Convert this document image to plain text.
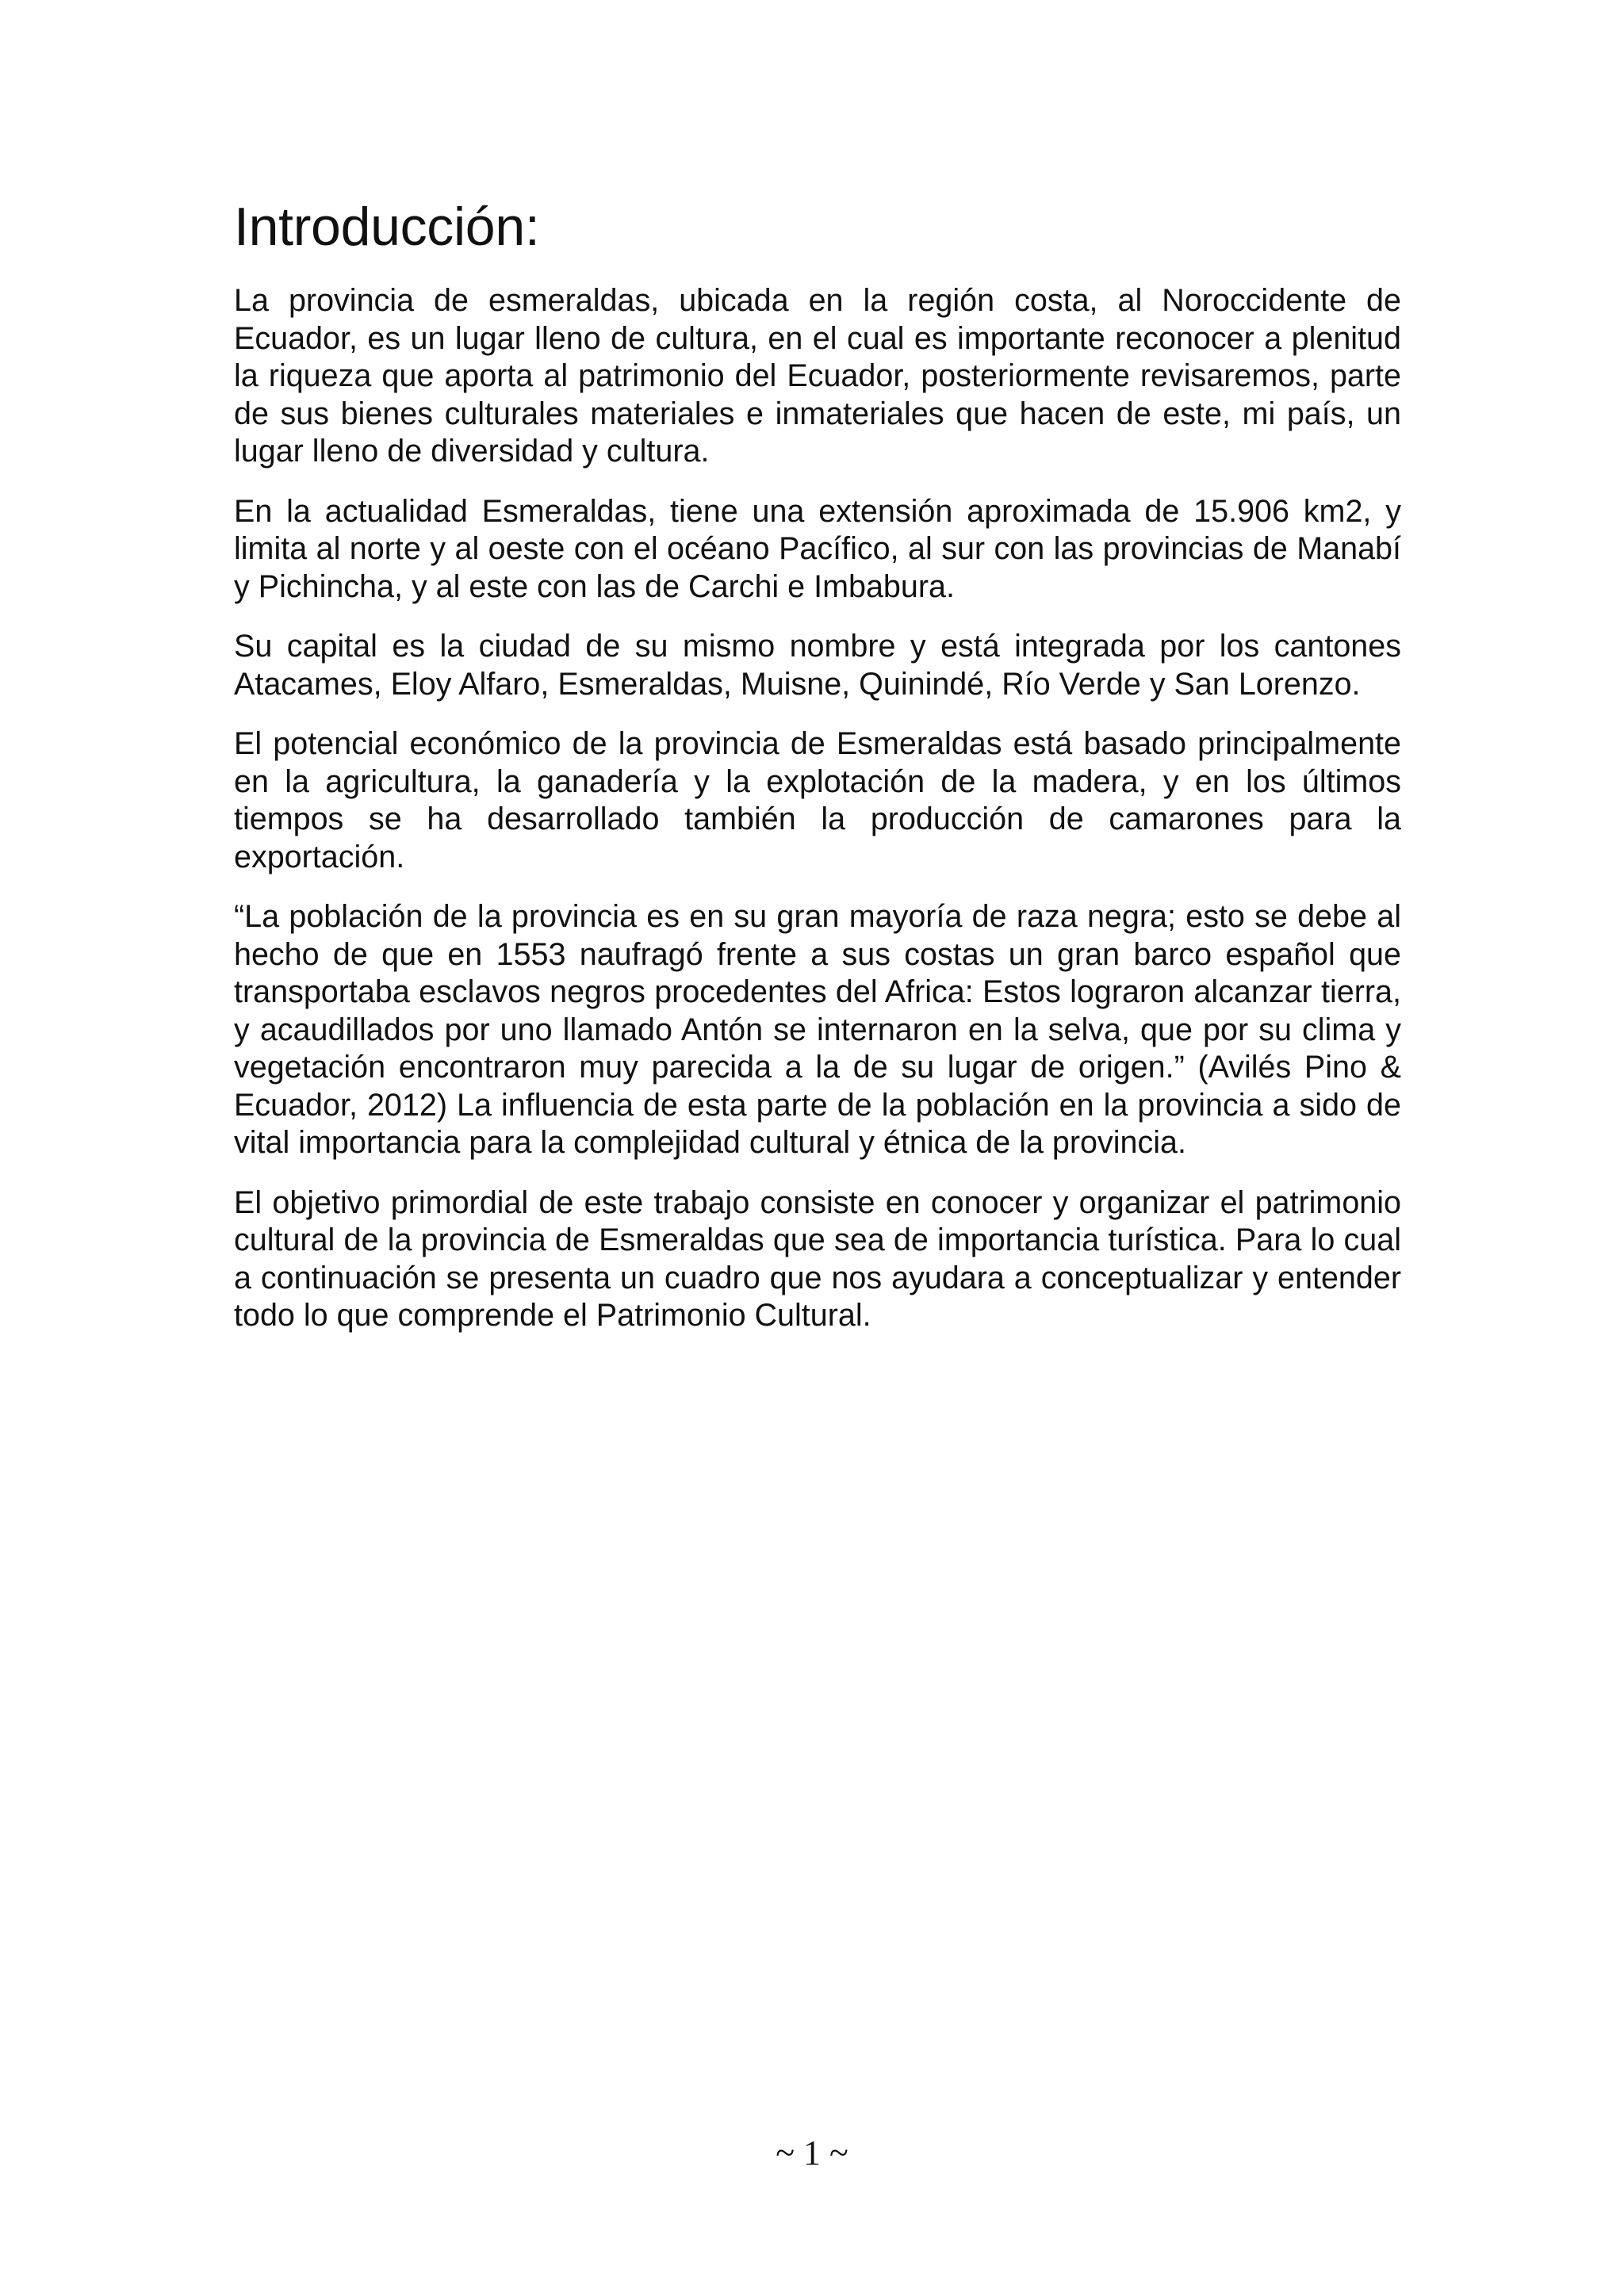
Introducción:

La provincia de esmeraldas, ubicada en la región costa, al Noroccidente de Ecuador, es un lugar lleno de cultura, en el cual es importante reconocer a plenitud la riqueza que aporta al patrimonio del Ecuador, posteriormente revisaremos, parte de sus bienes culturales materiales e inmateriales que hacen de este, mi país, un lugar lleno de diversidad y cultura.

En la actualidad Esmeraldas, tiene una extensión aproximada de 15.906 km2, y limita al norte y al oeste con el océano Pacífico, al sur con las provincias de Manabí y Pichincha, y al este con las de Carchi e Imbabura.

Su capital es la ciudad de su mismo nombre y está integrada por los cantones Atacames, Eloy Alfaro, Esmeraldas, Muisne, Quinindé, Río Verde y San Lorenzo.

El potencial económico de la provincia de Esmeraldas está basado principalmente en la agricultura, la ganadería y la explotación de la madera, y en los últimos tiempos se ha desarrollado también la producción de camarones para la exportación.

“La población de la provincia es en su gran mayoría de raza negra; esto se debe al hecho de que en 1553 naufragó frente a sus costas un gran barco español que transportaba esclavos negros procedentes del Africa: Estos lograron alcanzar tierra, y acaudillados por uno llamado Antón se internaron en la selva, que por su clima y vegetación encontraron muy parecida a la de su lugar de origen.” (Avilés Pino & Ecuador, 2012) La influencia de esta parte de la población en la provincia a sido de vital importancia para la complejidad cultural y étnica de la provincia.

El objetivo primordial de este trabajo consiste en conocer y organizar el patrimonio cultural de la provincia de Esmeraldas que sea de importancia turística. Para lo cual a continuación se presenta un cuadro que nos ayudara a conceptualizar y entender todo lo que comprende el Patrimonio Cultural.

~ 1 ~
